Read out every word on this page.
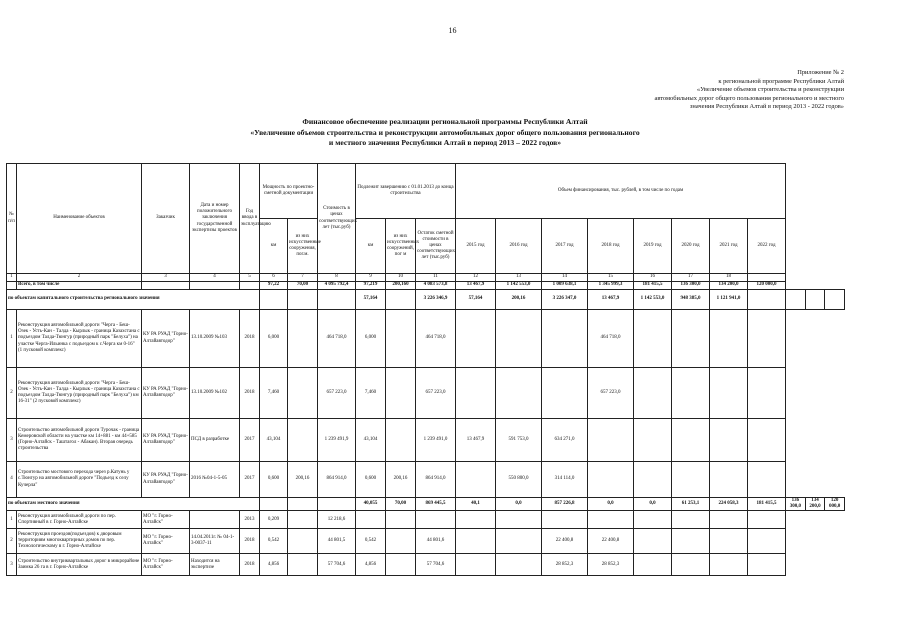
16
Приложение № 2
к региональной программе Республики Алтай
«Увеличение объемов строительства и реконструкции
автомобильных дорог общего пользования регионального и местного
значения Республики Алтай в период 2013 - 2022 годов»
Финансовое обеспечение реализации региональной программы Республики Алтай
«Увеличение объемов строительства и реконструкции автомобильных дорог общего пользования регионального
и местного значения Республики Алтай в период 2013 – 2022 годов»
№ п/п	Наименование объектов	Заказчик	Дата и номер положительного заключения государственной экспертизы проектов	Год ввода в эксплуатацию	Мощность по проектно-сметной документации		Стоимость в ценах соответствующих лет (тыс.руб)	Подлежит завершению с 01.01.2013 до конца строительства			Объем финансирования, тыс. рублей, в том числе по годам										
					км	из них искусственные сооружения, пог.м.		км	из них искусственных сооружений, пог м	Остаток сметной стоимости в ценах соответствующих лет (тыс.руб)	2015 год	2016 год	2017 год	2018 год	2019 год	2020 год	2021 год	2022 год			
1	2	3	4	5	6	7	8	9	10	11	12	13	14	15	16	17	18				
	Всего, в том числе				97,22	70,00	4 095 792,4	97,219	200,160	4 083 573,8	13 467,9	1 142 553,0	1 009 638,1	1 345 999,3	181 415,5	136 300,0	134 200,0	120 000,0			
по объектам капитального строительства регионального значения								57,164		3 226 346,9	57,164	200,16	3 226 347,0	13 467,9	1 142 553,0	948 385,0	1 121 941,0				
1	Реконструкция автомобильной дороги "Черга - Беш-Озек - Усть-Кан - Талда - Кырлык - граница Казахстана с подъездом Талда-Тюнгур (природный парк "Белуха") на участке Черга-Ильинка с подъездом к с.Черга км 0-16" (1 пусковой комплекс)	КУ РА РУАД "Горно-Алтайавтодор"	13.10.2009 №103	2018	6,000		464 718,0	6,000		464 718,0				464 718,0							
2	Реконструкция автомобильной дороги "Черга - Беш-Озек - Усть-Кан - Талда - Кырлык - граница Казахстана с подъездом Талда-Тюнгур (природный парк "Белуха") км 16-31" (2 пусковой комплекс)	КУ РА РУАД "Горно-Алтайавтодор"	13.10.2009 №102	2018	7,460		657 223,0	7,460		657 223,0				657 223,0							
3	Строительство автомобильной дороги Турочак - граница Кемеровской области на участке км 14+881 - км 44+585 (Горно-Алтайск - Таштагол - Абакан). Вторая очередь строительства	КУ РА РУАД "Горно-Алтайавтодор"	ПСД в разработке	2017	43,104		1 239 491,9	43,104		1 239 491,0	13 467,9	591 753,0	634 271,0								
4	Строительство мостового перехода через р.Катунь у с.Тюнгур на автомобильной дороге "Подъезд к селу Кучерла"	КУ РА РУАД "Горно-Алтайавтодор"	2016 №04-1-5-05	2017	0,600	200,16	864 914,0	0,600	200,16	864 914,0		550 800,0	314 114,0								
по объектам местного значения								40,055	70,00	869 445,5	40,1	0,0	857 226,8	0,0	0,0	61 253,1	224 058,3	181 415,5	136 300,0	134 200,0	120 000,0
1	Реконструкция автомобильной дороги по пер. Спортивный в г. Горно-Алтайске	МО "г. Горно-Алтайск"		2013	0,209		12 218,6														
2	Реконструкция проездов(подъездов) к дворовым территориям многоквартирных домов по пер. Технологическому в г. Горно-Алтайске	МО "г. Горно-Алтайск"	14.04.2011г. № 04-1-3-0037-11	2018	0,542		44 801,5	0,542		44 801,6			22 400,8	22 400,8							
3	Строительство внутриквартальных дорог в микрорайоне Заимка 26 га в г. Горно-Алтайске	МО "г. Горно-Алтайск"	Находится на экспертизе	2018	4,856		57 704,6	4,856		57 704,6			28 852,3	28 852,3							
